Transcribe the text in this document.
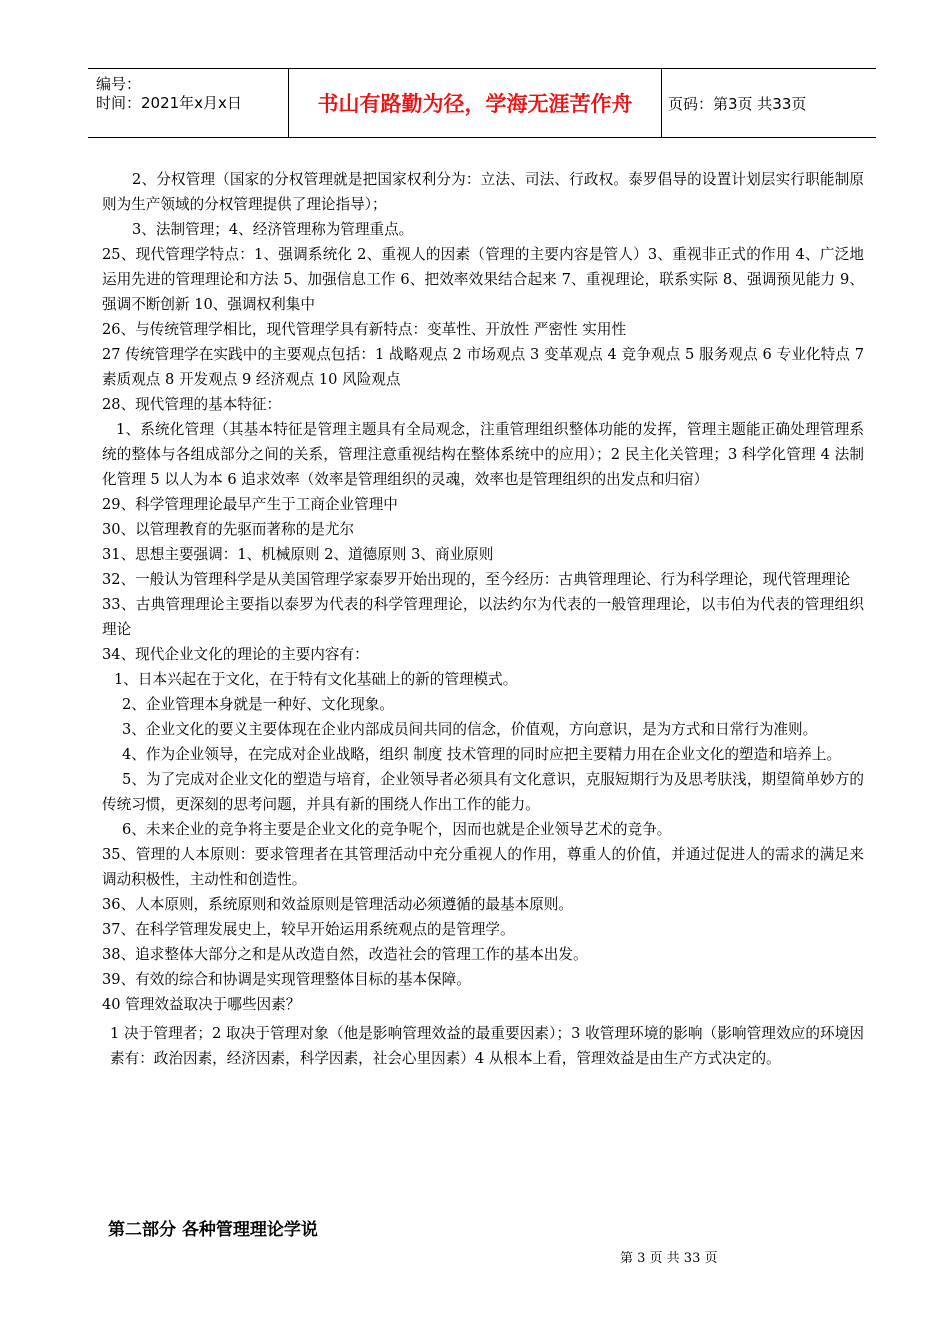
编号：
时间：2021年x月x日	书山有路勤为径，学海无涯苦作舟	页码：第3页 共33页

2、分权管理（国家的分权管理就是把国家权利分为：立法、司法、行政权。泰罗倡导的设置计划层实行职能制原则为生产领域的分权管理提供了理论指导）；

3、法制管理；4、经济管理称为管理重点。

25、现代管理学特点：1、强调系统化 2、重视人的因素（管理的主要内容是管人）3、重视非正式的作用 4、广泛地运用先进的管理理论和方法 5、加强信息工作 6、把效率效果结合起来 7、重视理论，联系实际 8、强调预见能力 9、强调不断创新 10、强调权利集中

26、与传统管理学相比，现代管理学具有新特点：变革性、开放性 严密性 实用性

27 传统管理学在实践中的主要观点包括：1 战略观点 2 市场观点 3 变革观点 4 竞争观点 5 服务观点 6 专业化特点 7 素质观点 8 开发观点 9 经济观点 10 风险观点

28、现代管理的基本特征：

1、系统化管理（其基本特征是管理主题具有全局观念，注重管理组织整体功能的发挥，管理主题能正确处理管理系统的整体与各组成部分之间的关系，管理注意重视结构在整体系统中的应用）；2 民主化关管理；3 科学化管理 4 法制化管理 5 以人为本 6 追求效率（效率是管理组织的灵魂，效率也是管理组织的出发点和归宿）

29、科学管理理论最早产生于工商企业管理中

30、以管理教育的先驱而著称的是尤尔

31、思想主要强调：1、机械原则 2、道德原则 3、商业原则

32、一般认为管理科学是从美国管理学家泰罗开始出现的，至今经历：古典管理理论、行为科学理论，现代管理理论

33、古典管理理论主要指以泰罗为代表的科学管理理论，以法约尔为代表的一般管理理论，以韦伯为代表的管理组织理论

34、现代企业文化的理论的主要内容有：

1、日本兴起在于文化，在于特有文化基础上的新的管理模式。

2、企业管理本身就是一种好、文化现象。

3、企业文化的要义主要体现在企业内部成员间共同的信念，价值观，方向意识，是为方式和日常行为准则。

4、作为企业领导，在完成对企业战略，组织 制度 技术管理的同时应把主要精力用在企业文化的塑造和培养上。

5、为了完成对企业文化的塑造与培育，企业领导者必须具有文化意识，克服短期行为及思考肤浅，期望简单妙方的传统习惯，更深刻的思考问题，并具有新的围绕人作出工作的能力。

6、未来企业的竞争将主要是企业文化的竞争呢个，因而也就是企业领导艺术的竞争。

35、管理的人本原则：要求管理者在其管理活动中充分重视人的作用，尊重人的价值，并通过促进人的需求的满足来调动积极性，主动性和创造性。

36、人本原则，系统原则和效益原则是管理活动必须遵循的最基本原则。

37、在科学管理发展史上，较早开始运用系统观点的是管理学。

38、追求整体大部分之和是从改造自然，改造社会的管理工作的基本出发。

39、有效的综合和协调是实现管理整体目标的基本保障。

40 管理效益取决于哪些因素？

1 决于管理者；2 取决于管理对象（他是影响管理效益的最重要因素）；3 收管理环境的影响（影响管理效应的环境因素有：政治因素，经济因素，科学因素，社会心里因素）4 从根本上看，管理效益是由生产方式决定的。

第二部分 各种管理理论学说
第 3 页 共 33 页
